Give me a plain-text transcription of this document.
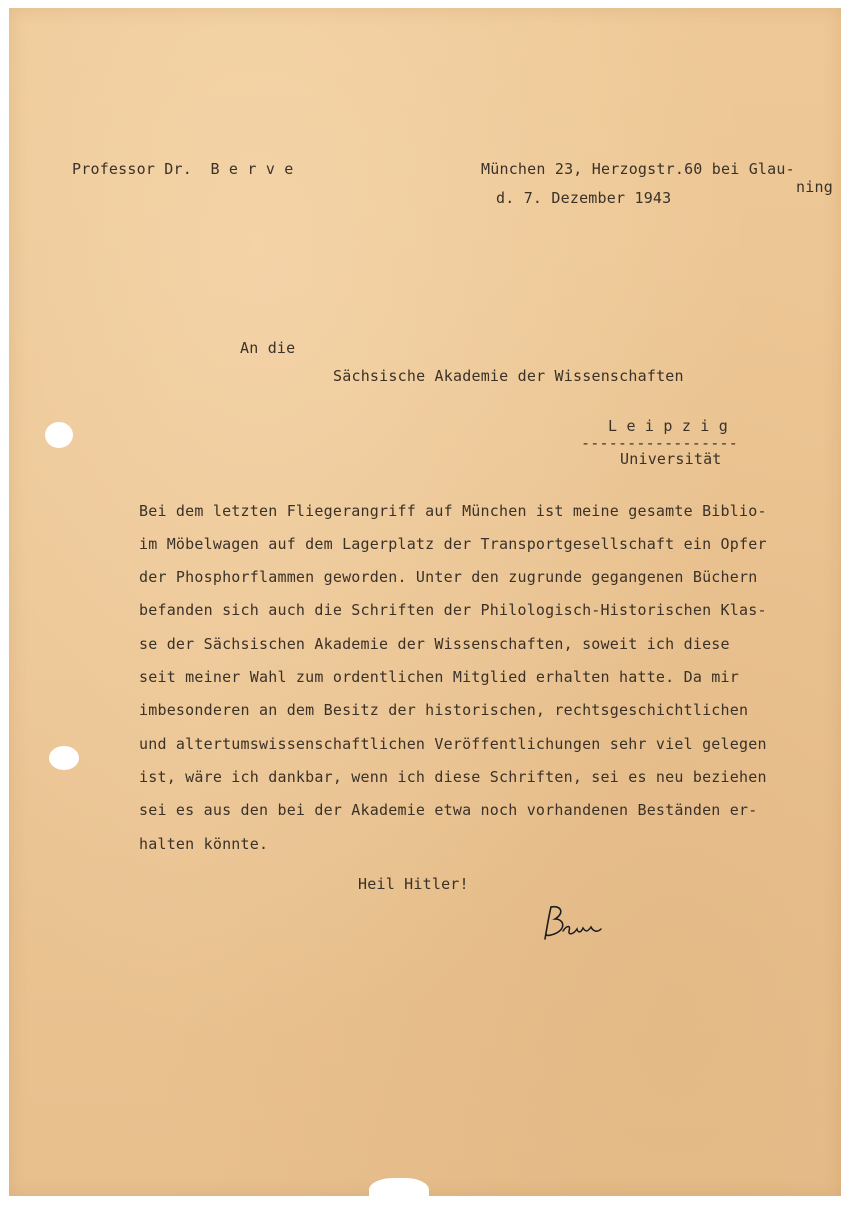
Professor Dr.  B e r v e	München 23, Herzogstr.60 bei Glau-
ning
d. 7. Dezember 1943
An die
Sächsische Akademie der Wissenschaften
L e i p z i g
-----------------
Universität
Bei dem letzten Fliegerangriff auf München ist meine gesamte Biblio-
im Möbelwagen auf dem Lagerplatz der Transportgesellschaft ein Opfer
der Phosphorflammen geworden. Unter den zugrunde gegangenen Büchern
befanden sich auch die Schriften der Philologisch-Historischen Klas-
se der Sächsischen Akademie der Wissenschaften, soweit ich diese
seit meiner Wahl zum ordentlichen Mitglied erhalten hatte. Da mir
imbesonderen an dem Besitz der historischen, rechtsgeschichtlichen
und altertumswissenschaftlichen Veröffentlichungen sehr viel gelegen
ist, wäre ich dankbar, wenn ich diese Schriften, sei es neu beziehen
sei es aus den bei der Akademie etwa noch vorhandenen Beständen er-
halten könnte.
Heil Hitler!
